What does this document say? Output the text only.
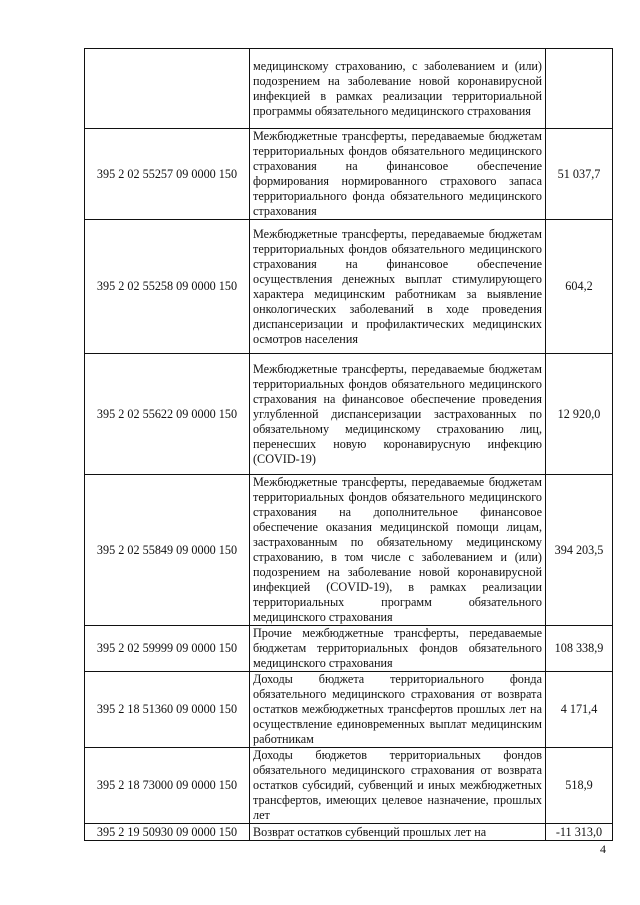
	медицинскому страхованию, с заболеванием и (или) подозрением на заболевание новой коронавирусной инфекцией в рамках реализации территориальной программы обязательного медицинского страхования	
395 2 02 55257 09 0000 150	Межбюджетные трансферты, передаваемые бюджетам территориальных фондов обязательного медицинского страхования на финансовое обеспечение формирования нормированного страхового запаса территориального фонда обязательного медицинского страхования	51 037,7
395 2 02 55258 09 0000 150	Межбюджетные трансферты, передаваемые бюджетам территориальных фондов обязательного медицинского страхования на финансовое обеспечение осуществления денежных выплат стимулирующего характера медицинским работникам за выявление онкологических заболеваний в ходе проведения диспансеризации и профилактических медицинских осмотров населения	604,2
395 2 02 55622 09 0000 150	Межбюджетные трансферты, передаваемые бюджетам территориальных фондов обязательного медицинского страхования на финансовое обеспечение проведения углубленной диспансеризации застрахованных по обязательному медицинскому страхованию лиц, перенесших новую коронавирусную инфекцию (COVID-19)	12 920,0
395 2 02 55849 09 0000 150	Межбюджетные трансферты, передаваемые бюджетам территориальных фондов обязательного медицинского страхования на дополнительное финансовое обеспечение оказания медицинской помощи лицам, застрахованным по обязательному медицинскому страхованию, в том числе с заболеванием и (или) подозрением на заболевание новой коронавирусной инфекцией (COVID-19), в рамках реализации территориальных программ обязательного медицинского страхования	394 203,5
395 2 02 59999 09 0000 150	Прочие межбюджетные трансферты, передаваемые бюджетам территориальных фондов обязательного медицинского страхования	108 338,9
395 2 18 51360 09 0000 150	Доходы бюджета территориального фонда обязательного медицинского страхования от возврата остатков межбюджетных трансфертов прошлых лет на осуществление единовременных выплат медицинским работникам	4 171,4
395 2 18 73000 09 0000 150	Доходы бюджетов территориальных фондов обязательного медицинского страхования от возврата остатков субсидий, субвенций и иных межбюджетных трансфертов, имеющих целевое назначение, прошлых лет	518,9
395 2 19 50930 09 0000 150	Возврат остатков субвенций прошлых лет на	-11 313,0
4
